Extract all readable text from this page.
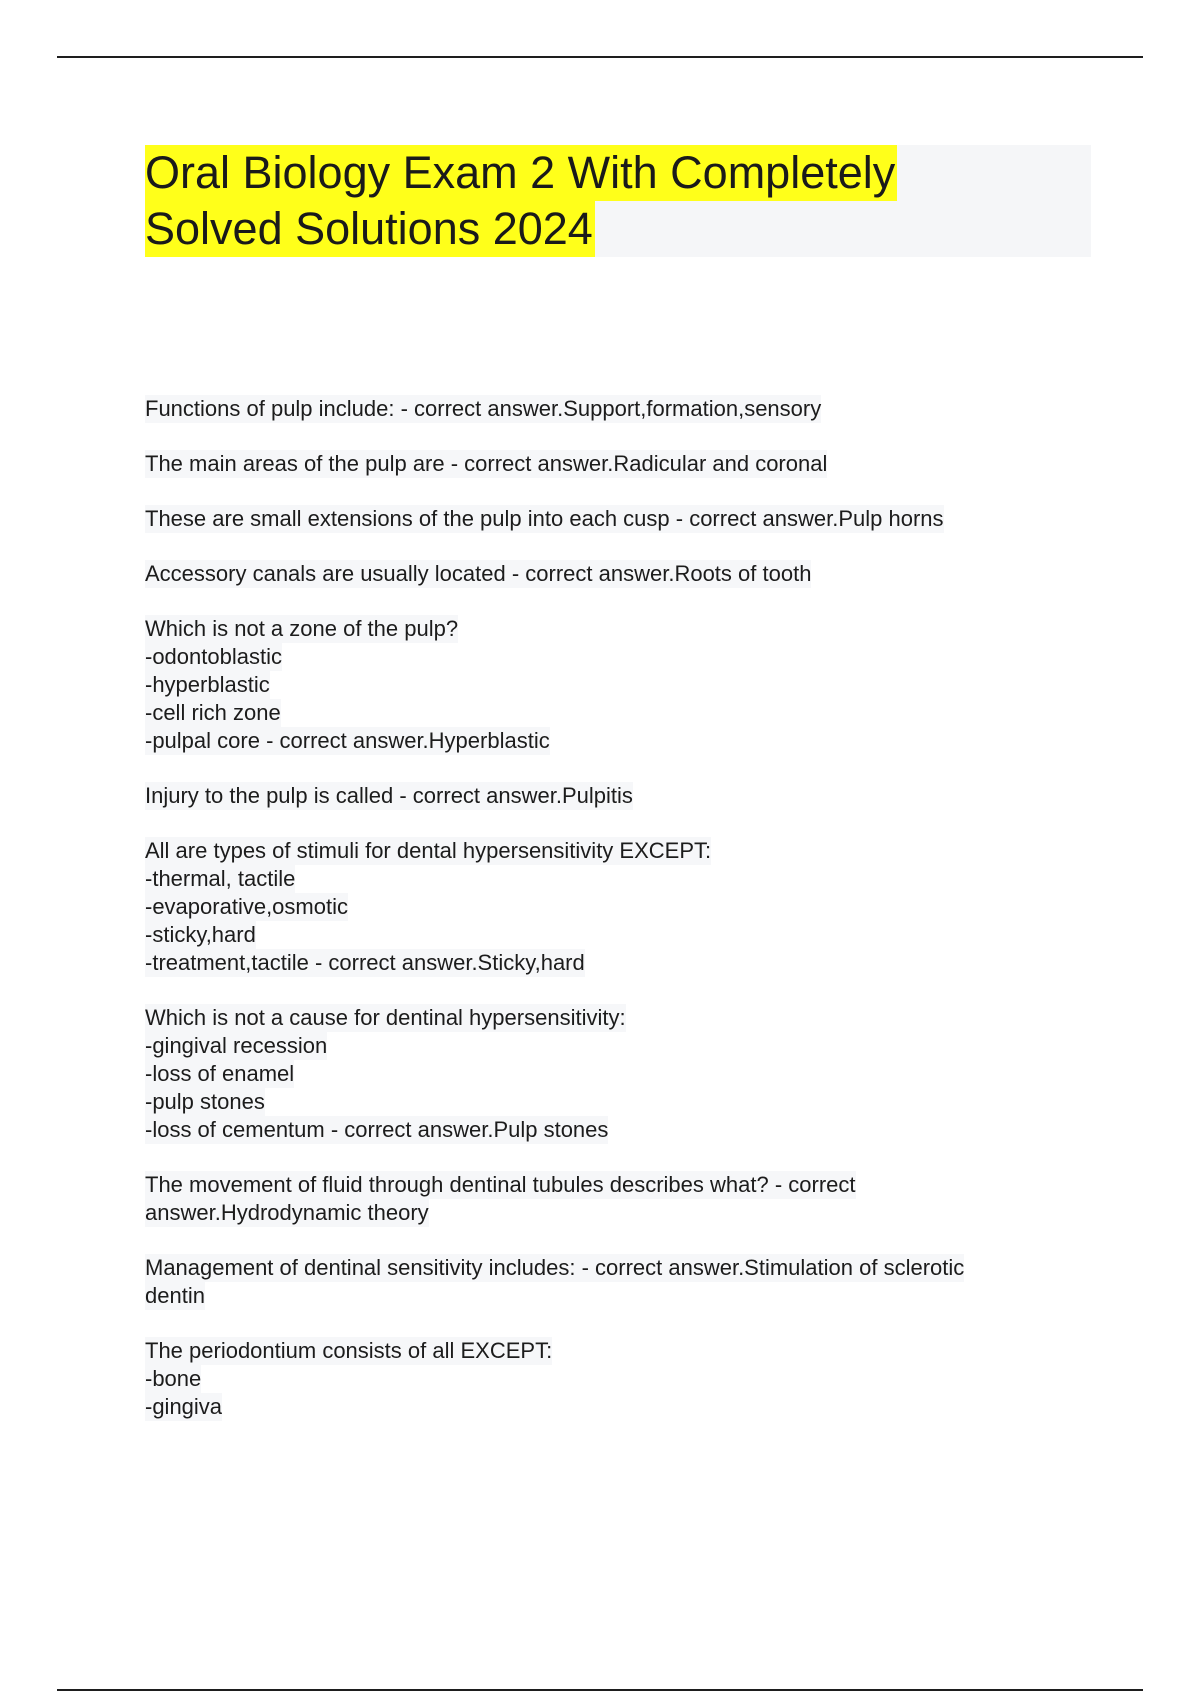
Oral Biology Exam 2 With Completely
Solved Solutions 2024
Functions of pulp include: - correct answer.Support,formation,sensory
The main areas of the pulp are - correct answer.Radicular and coronal
These are small extensions of the pulp into each cusp - correct answer.Pulp horns
Accessory canals are usually located - correct answer.Roots of tooth
Which is not a zone of the pulp?
-odontoblastic
-hyperblastic
-cell rich zone
-pulpal core - correct answer.Hyperblastic
Injury to the pulp is called - correct answer.Pulpitis
All are types of stimuli for dental hypersensitivity EXCEPT:
-thermal, tactile
-evaporative,osmotic
-sticky,hard
-treatment,tactile - correct answer.Sticky,hard
Which is not a cause for dentinal hypersensitivity:
-gingival recession
-loss of enamel
-pulp stones
-loss of cementum - correct answer.Pulp stones
The movement of fluid through dentinal tubules describes what? - correct
answer.Hydrodynamic theory
Management of dentinal sensitivity includes: - correct answer.Stimulation of sclerotic
dentin
The periodontium consists of all EXCEPT:
-bone
-gingiva
